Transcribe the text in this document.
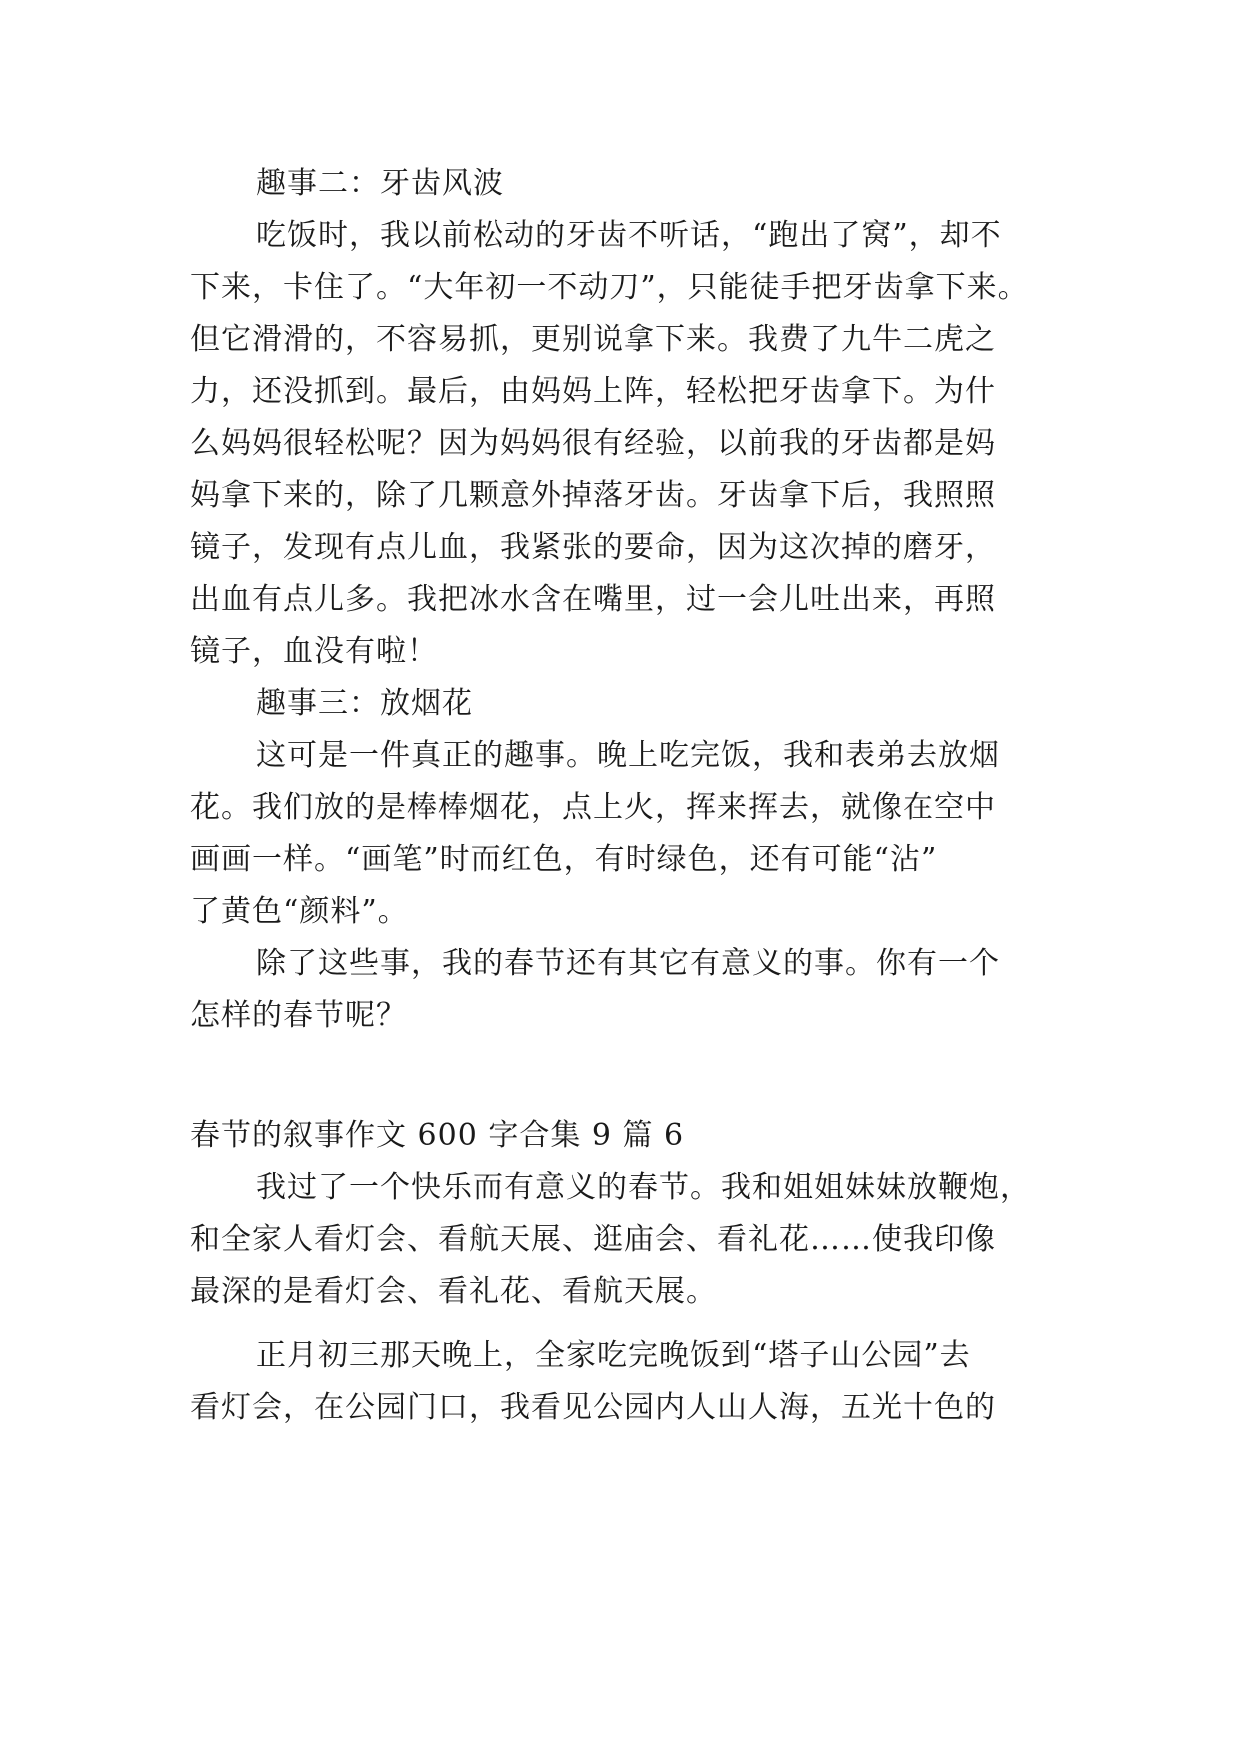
趣事二：牙齿风波

吃饭时，我以前松动的牙齿不听话，“跑出了窝”，却不

下来，卡住了。“大年初一不动刀”，只能徒手把牙齿拿下来。

但它滑滑的，不容易抓，更别说拿下来。我费了九牛二虎之

力，还没抓到。最后，由妈妈上阵，轻松把牙齿拿下。为什

么妈妈很轻松呢？因为妈妈很有经验，以前我的牙齿都是妈

妈拿下来的，除了几颗意外掉落牙齿。牙齿拿下后，我照照

镜子，发现有点儿血，我紧张的要命，因为这次掉的磨牙，

出血有点儿多。我把冰水含在嘴里，过一会儿吐出来，再照

镜子，血没有啦！

趣事三：放烟花

这可是一件真正的趣事。晚上吃完饭，我和表弟去放烟

花。我们放的是棒棒烟花，点上火，挥来挥去，就像在空中

画画一样。“画笔”时而红色，有时绿色，还有可能“沾”

了黄色“颜料”。

除了这些事，我的春节还有其它有意义的事。你有一个

怎样的春节呢？

春节的叙事作文 600 字合集 9 篇 6

我过了一个快乐而有意义的春节。我和姐姐妹妹放鞭炮，

和全家人看灯会、看航天展、逛庙会、看礼花……使我印像

最深的是看灯会、看礼花、看航天展。

正月初三那天晚上，全家吃完晚饭到“塔子山公园”去

看灯会，在公园门口，我看见公园内人山人海，五光十色的
